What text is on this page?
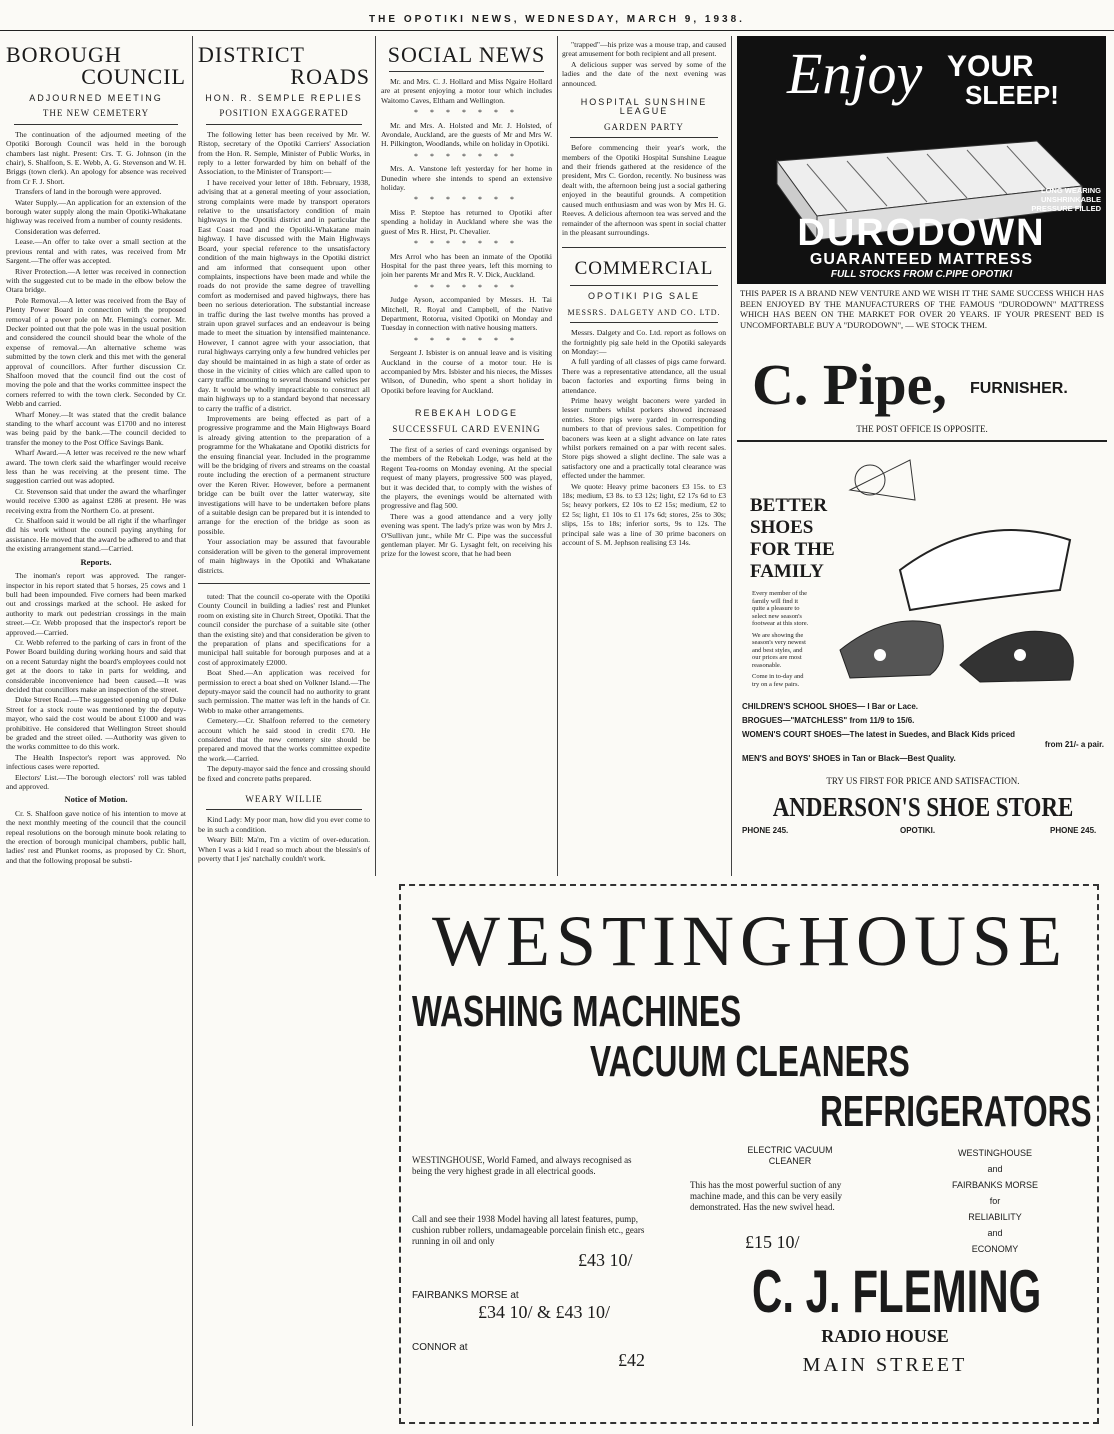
THE OPOTIKI NEWS, WEDNESDAY, MARCH 9, 1938.
BOROUGH
COUNCIL
ADJOURNED MEETING
THE NEW CEMETERY

The continuation of the adjourned meeting of the Opotiki Borough Council was held in the borough chambers last night. Present: Crs. T. G. Johnson (in the chair), S. Shalfoon, S. E. Webb, A. G. Stevenson and W. H. Briggs (town clerk). An apology for absence was received from Cr F. J. Short.

Transfers of land in the borough were approved.

Water Supply.—An application for an extension of the borough water supply along the main Opotiki-Whakatane highway was received from a number of county residents.

Consideration was deferred.

Lease.—An offer to take over a small section at the previous rental and with rates, was received from Mr Sargent.—The offer was accepted.

River Protection.—A letter was received in connection with the suggested cut to be made in the elbow below the Otara bridge.

Pole Removal.—A letter was received from the Bay of Plenty Power Board in connection with the proposed removal of a power pole on Mr. Fleming's corner. Mr. Decker pointed out that the pole was in the usual position and considered the council should bear the whole of the expense of removal.—An alternative scheme was submitted by the town clerk and this met with the general approval of councillors. After further discussion Cr. Shalfoon moved that the council find out the cost of moving the pole and that the works committee inspect the corners referred to with the town clerk. Seconded by Cr. Webb and carried.

Wharf Money.—It was stated that the credit balance standing to the wharf account was £1700 and no interest was being paid by the bank.—The council decided to transfer the money to the Post Office Savings Bank.

Wharf Award.—A letter was received re the new wharf award. The town clerk said the wharfinger would receive less than he was receiving at the present time. The suggestion carried out was adopted.

Cr. Stevenson said that under the award the wharfinger would receive £300 as against £286 at present. He was receiving extra from the Northern Co. at present.

Cr. Shalfoon said it would be all right if the wharfinger did his work without the council paying anything for assistance. He moved that the award be adhered to and that the existing arrangement stand.—Carried.

Reports.

The inoman's report was approved. The ranger-inspector in his report stated that 5 horses, 25 cows and 1 bull had been impounded. Five corners had been marked out and crossings marked at the school. He asked for authority to mark out pedestrian crossings in the main street.—Cr. Webb proposed that the inspector's report be approved.—Carried.

Cr. Webb referred to the parking of cars in front of the Power Board building during working hours and said that on a recent Saturday night the board's employees could not get at the doors to take in parts for welding, and considerable inconvenience had been caused.—It was decided that councillors make an inspection of the street.

Duke Street Road.—The suggested opening up of Duke Street for a stock route was mentioned by the deputy-mayor, who said the cost would be about £1000 and was prohibitive. He considered that Wellington Street should be graded and the street oiled. —Authority was given to the works committee to do this work.

The Health Inspector's report was approved. No infectious cases were reported.

Electors' List.—The borough electors' roll was tabled and approved.

Notice of Motion.

Cr. S. Shalfoon gave notice of his intention to move at the next monthly meeting of the council that the council repeal resolutions on the borough minute book relating to the erection of borough municipal chambers, public hall, ladies' rest and Plunket rooms, as proposed by Cr. Short, and that the following proposal be substi-

DISTRICT
ROADS
HON. R. SEMPLE REPLIES
POSITION EXAGGERATED

The following letter has been received by Mr. W. Ristop, secretary of the Opotiki Carriers' Association from the Hon. R. Semple, Minister of Public Works, in reply to a letter forwarded by him on behalf of the Association, to the Minister of Transport:—

I have received your letter of 18th. February, 1938, advising that at a general meeting of your association, strong complaints were made by transport operators relative to the unsatisfactory condition of main highways in the Opotiki district and in particular the East Coast road and the Opotiki-Whakatane main highway. I have discussed with the Main Highways Board, your special reference to the unsatisfactory condition of the main highways in the Opotiki district and am informed that consequent upon other complaints, inspections have been made and while the roads do not provide the same degree of travelling comfort as modernised and paved highways, there has been no serious deterioration. The substantial increase in traffic during the last twelve months has proved a strain upon gravel surfaces and an endeavour is being made to meet the situation by intensified maintenance. However, I cannot agree with your association, that rural highways carrying only a few hundred vehicles per day should be maintained in as high a state of order as those in the vicinity of cities which are called upon to carry traffic amounting to several thousand vehicles per day. It would be wholly impracticable to construct all main highways up to a standard beyond that necessary to carry the traffic of a district.

Improvements are being effected as part of a progressive programme and the Main Highways Board is already giving attention to the preparation of a programme for the Whakatane and Opotiki districts for the ensuing financial year. Included in the programme will be the bridging of rivers and streams on the coastal route including the erection of a permanent structure over the Keren River. However, before a permanent bridge can be built over the latter waterway, site investigations will have to be undertaken before plans of a suitable design can be prepared but it is intended to arrange for the erection of the bridge as soon as possible.

Your association may be assured that favourable consideration will be given to the general improvement of main highways in the Opotiki and Whakatane districts.

tuted: That the council co-operate with the Opotiki County Council in building a ladies' rest and Plunket room on existing site in Church Street, Opotiki. That the council consider the purchase of a suitable site (other than the existing site) and that consideration be given to the preparation of plans and specifications for a municipal hall suitable for borough purposes and at a cost of approximately £2000.

Boat Shed.—An application was received for permission to erect a boat shed on Volkner Island.—The deputy-mayor said the council had no authority to grant such permission. The matter was left in the hands of Cr. Webb to make other arrangements.

Cemetery.—Cr. Shalfoon referred to the cemetery account which he said stood in credit £70. He considered that the new cemetery site should be prepared and moved that the works committee expedite the work.—Carried.

The deputy-mayor said the fence and crossing should be fixed and concrete paths prepared.

WEARY WILLIE

Kind Lady: My poor man, how did you ever come to be in such a condition.

Weary Bill: Ma'm, I'm a victim of over-education. When I was a kid I read so much about the blessin's of poverty that I jes' natchally couldn't work.

SOCIAL NEWS

Mr. and Mrs. C. J. Hollard and Miss Ngaire Hollard are at present enjoying a motor tour which includes Waitomo Caves, Eltham and Wellington.

* * * * * * *

Mr. and Mrs. A. Holsted and Mr. J. Holsted, of Avondale, Auckland, are the guests of Mr and Mrs W. H. Pilkington, Woodlands, while on holiday in Opotiki.

* * * * * * *

Mrs. A. Vanstone left yesterday for her home in Dunedin where she intends to spend an extensive holiday.

* * * * * * *

Miss P. Steptoe has returned to Opotiki after spending a holiday in Auckland where she was the guest of Mrs R. Hirst, Pt. Chevalier.

* * * * * * *

Mrs Arrol who has been an inmate of the Opotiki Hospital for the past three years, left this morning to join her parents Mr and Mrs R. V. Dick, Auckland.

* * * * * * *

Judge Ayson, accompanied by Messrs. H. Tai Mitchell, R. Royal and Campbell, of the Native Department, Rotorua, visited Opotiki on Monday and Tuesday in connection with native housing matters.

* * * * * * *

Sergeant J. Isbister is on annual leave and is visiting Auckland in the course of a motor tour. He is accompanied by Mrs. Isbister and his nieces, the Misses Wilson, of Dunedin, who spent a short holiday in Opotiki before leaving for Auckland.

REBEKAH LODGE
SUCCESSFUL CARD EVENING

The first of a series of card evenings organised by the members of the Rebekah Lodge, was held at the Regent Tea-rooms on Monday evening. At the special request of many players, progressive 500 was played, but it was decided that, to comply with the wishes of the players, the evenings would be alternated with progressive and flag 500.

There was a good attendance and a very jolly evening was spent. The lady's prize was won by Mrs J. O'Sullivan junr., while Mr C. Pipe was the successful gentleman player. Mr G. Lysaght felt, on receiving his prize for the lowest score, that he had been

"trapped"—his prize was a mouse trap, and caused great amusement for both recipient and all present.

A delicious supper was served by some of the ladies and the date of the next evening was announced.

HOSPITAL SUNSHINE LEAGUE
GARDEN PARTY

Before commencing their year's work, the members of the Opotiki Hospital Sunshine League and their friends gathered at the residence of the president, Mrs C. Gordon, recently. No business was dealt with, the afternoon being just a social gathering enjoyed in the beautiful grounds. A competition caused much enthusiasm and was won by Mrs H. G. Reeves. A delicious afternoon tea was served and the remainder of the afternoon was spent in social chatter in the pleasant surroundings.

COMMERCIAL
OPOTIKI PIG SALE
MESSRS. DALGETY AND CO. LTD.

Messrs. Dalgety and Co. Ltd. report as follows on the fortnightly pig sale held in the Opotiki saleyards on Monday:—

A full yarding of all classes of pigs came forward. There was a representative attendance, all the usual bacon factories and exporting firms being in attendance.

Prime heavy weight baconers were yarded in lesser numbers whilst porkers showed increased entries. Store pigs were yarded in corresponding numbers to that of previous sales. Competition for baconers was keen at a slight advance on late rates whilst porkers remained on a par with recent sales. Store pigs showed a slight decline. The sale was a satisfactory one and a practically total clearance was effected under the hammer.

We quote: Heavy prime baconers £3 15s. to £3 18s; medium, £3 8s. to £3 12s; light, £2 17s 6d to £3 5s; heavy porkers, £2 10s to £2 15s; medium, £2 to £2 5s; light, £1 10s to £1 17s 6d; stores, 25s to 30s; slips, 15s to 18s; inferior sorts, 9s to 12s. The principal sale was a line of 30 prime baconers on account of S. M. Jephson realising £3 14s.

Enjoy YOUR
SLEEP!
LONG WEARING UNSHRINKABLE PRESSURE FILLED
DURODOWN
GUARANTEED MATTRESS
FULL STOCKS FROM C.PIPE OPOTIKI
THIS PAPER IS A BRAND NEW VENTURE AND WE WISH IT THE SAME SUCCESS WHICH HAS BEEN ENJOYED BY THE MANUFACTURERS OF THE FAMOUS "DURODOWN" MATTRESS WHICH HAS BEEN ON THE MARKET FOR OVER 20 YEARS. IF YOUR PRESENT BED IS UNCOMFORTABLE BUY A "DURODOWN", — WE STOCK THEM.
C. Pipe, FURNISHER.
THE POST OFFICE IS OPPOSITE.
BETTER
SHOES
FOR THE
FAMILY
Every member of the family will find it quite a pleasure to select new season's footwear at this store.
We are showing the season's very newest and best styles, and our prices are most reasonable.
Come in to-day and try on a few pairs.
CHILDREN'S SCHOOL SHOES— I Bar or Lace.
BROGUES—"MATCHLESS" from 11/9 to 15/6.
WOMEN'S COURT SHOES—The latest in Suedes, and Black Kids priced
from 21/- a pair.
MEN'S and BOYS' SHOES in Tan or Black—Best Quality.
TRY US FIRST FOR PRICE AND SATISFACTION.
ANDERSON'S SHOE STORE
PHONE 245.	OPOTIKI.	PHONE 245.
WESTINGHOUSE
WASHING MACHINES
VACUUM CLEANERS
REFRIGERATORS
WESTINGHOUSE, World Famed, and always recognised as being the very highest grade in all electrical goods.
Call and see their 1938 Model having all latest features, pump, cushion rubber rollers, undamageable porcelain finish etc., gears running in oil and only
£43 10/
FAIRBANKS MORSE at
£34 10/ & £43 10/
CONNOR at
£42
ELECTRIC VACUUM
CLEANER
This has the most powerful suction of any machine made, and this can be very easily demonstrated. Has the new swivel head.
£15 10/
WESTINGHOUSE
and
FAIRBANKS MORSE
for
RELIABILITY
and
ECONOMY
C. J. FLEMING
RADIO HOUSE
MAIN STREET
